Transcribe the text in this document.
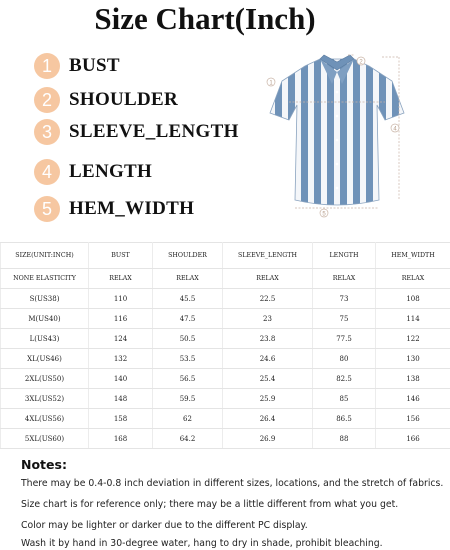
Size Chart(Inch)
1 BUST
2 SHOULDER
3 SLEEVE_LENGTH
4 LENGTH
5 HEM_WIDTH
1
2
4
5
SIZE(UNIT:INCH)	BUST	SHOULDER	SLEEVE_LENGTH	LENGTH	HEM_WIDTH
NONE ELASTICITY	RELAX	RELAX	RELAX	RELAX	RELAX
S(US38)	110	45.5	22.5	73	108
M(US40)	116	47.5	23	75	114
L(US43)	124	50.5	23.8	77.5	122
XL(US46)	132	53.5	24.6	80	130
2XL(US50)	140	56.5	25.4	82.5	138
3XL(US52)	148	59.5	25.9	85	146
4XL(US56)	158	62	26.4	86.5	156
5XL(US60)	168	64.2	26.9	88	166
Notes:
There may be 0.4-0.8 inch deviation in different sizes, locations, and the stretch of fabrics.
Size chart is for reference only; there may be a little different from what you get.
Color may be lighter or darker due to the different PC display.
Wash it by hand in 30-degree water, hang to dry in shade, prohibit bleaching.
